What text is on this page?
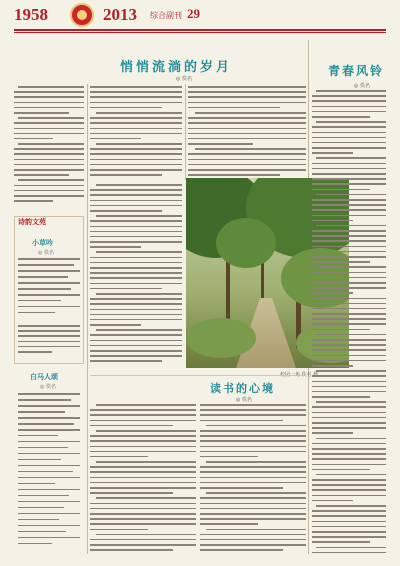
1958	2013 综合副刊 29
悄悄流淌的岁月
◎ 佚名
佚名
诗韵文苑
小草吟
◎ 佚名
白马人颂
◎ 佚名	读书的心境
◎ 佚名
青春风铃
◎ 佚名
